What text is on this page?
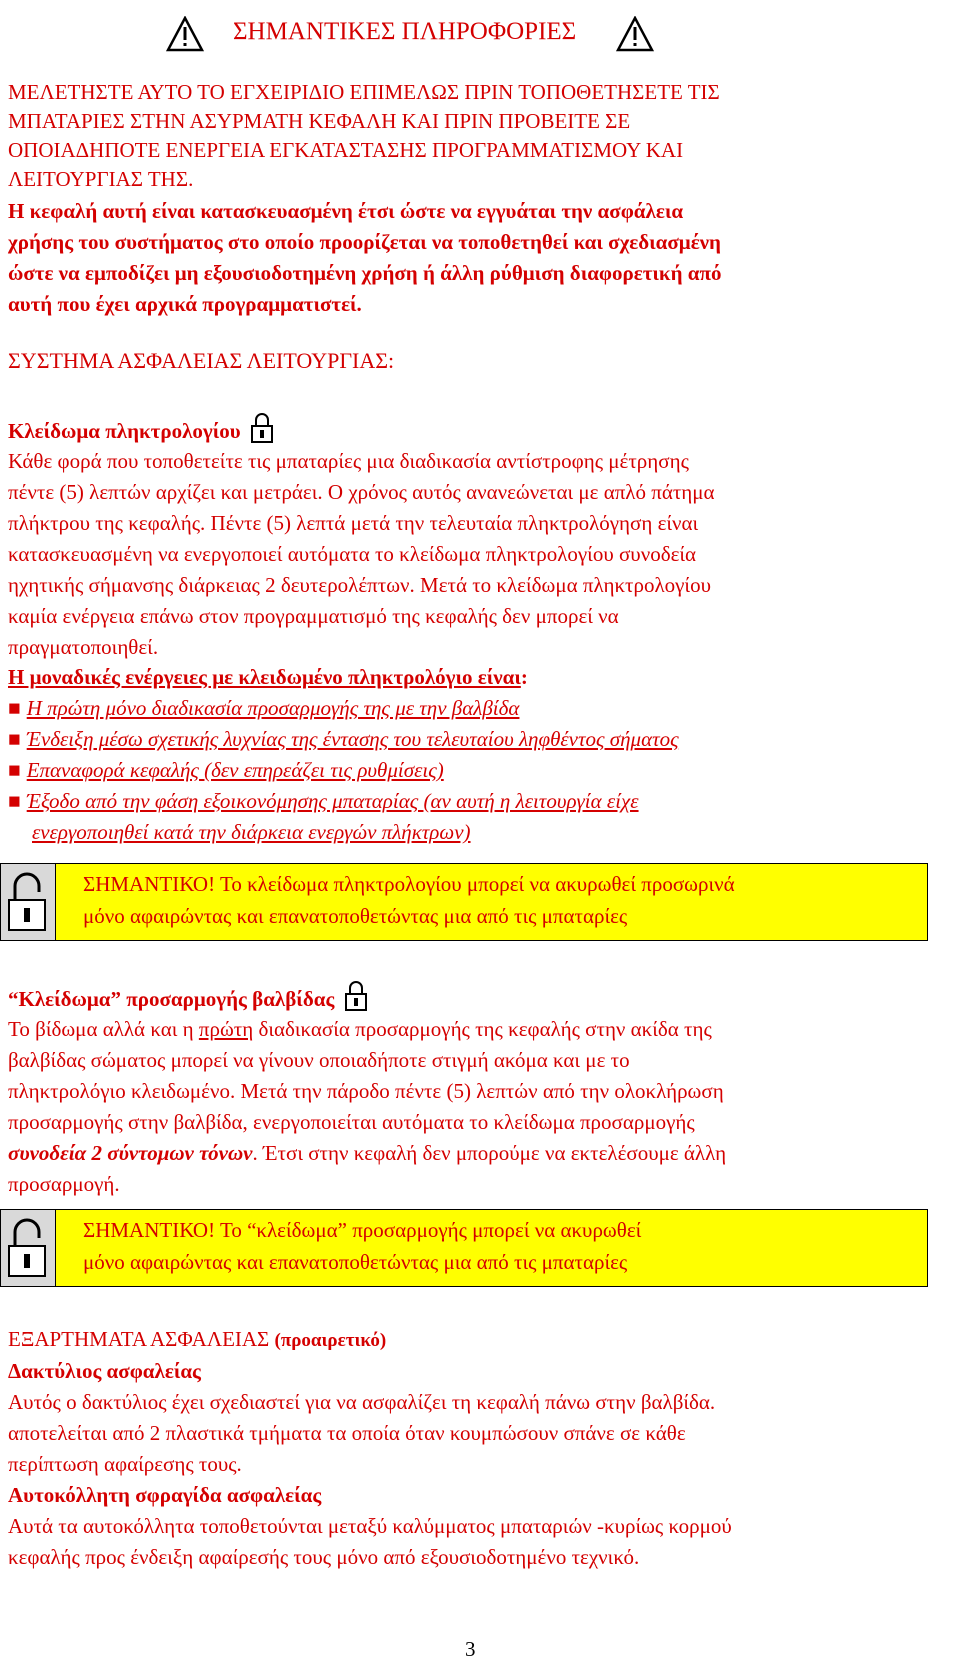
ΣΗΜΑΝΤΙΚΕΣ ΠΛΗΡΟΦΟΡΙΕΣ
ΜΕΛΕΤΗΣΤΕ ΑΥΤΟ ΤΟ ΕΓΧΕΙΡΙΔΙΟ ΕΠΙΜΕΛΩΣ ΠΡΙΝ ΤΟΠΟΘΕΤΗΣΕΤΕ ΤΙΣ
ΜΠΑΤΑΡΙΕΣ ΣΤΗΝ ΑΣΥΡΜΑΤΗ ΚΕΦΑΛΗ ΚΑΙ ΠΡΙΝ ΠΡΟΒΕΙΤΕ ΣΕ
ΟΠΟΙΑΔΗΠΟΤΕ ΕΝΕΡΓΕΙΑ ΕΓΚΑΤΑΣΤΑΣΗΣ ΠΡΟΓΡΑΜΜΑΤΙΣΜΟΥ ΚΑΙ
ΛΕΙΤΟΥΡΓΙΑΣ ΤΗΣ.
Η κεφαλή αυτή είναι κατασκευασμένη έτσι ώστε να εγγυάται την ασφάλεια
χρήσης του συστήματος στο οποίο προορίζεται να τοποθετηθεί και σχεδιασμένη
ώστε να εμποδίζει μη εξουσιοδοτημένη χρήση ή άλλη ρύθμιση διαφορετική από
αυτή που έχει αρχικά προγραμματιστεί.
ΣΥΣΤΗΜΑ ΑΣΦΑΛΕΙΑΣ ΛΕΙΤΟΥΡΓΙΑΣ:
Κλείδωμα πληκτρολογίου
Κάθε φορά που τοποθετείτε τις μπαταρίες μια διαδικασία αντίστροφης μέτρησης
πέντε (5) λεπτών αρχίζει και μετράει. Ο χρόνος αυτός ανανεώνεται με απλό πάτημα
πλήκτρου της κεφαλής. Πέντε (5) λεπτά μετά την τελευταία πληκτρολόγηση είναι
κατασκευασμένη να ενεργοποιεί αυτόματα το κλείδωμα πληκτρολογίου συνοδεία
ηχητικής σήμανσης διάρκειας 2 δευτερολέπτων. Μετά το κλείδωμα πληκτρολογίου
καμία ενέργεια επάνω στον προγραμματισμό της κεφαλής δεν μπορεί να
πραγματοποιηθεί.
Η μοναδικές ενέργειες με κλειδωμένο πληκτρολόγιο είναι:
■ Η πρώτη μόνο διαδικασία προσαρμογής της με την βαλβίδα
■ Ένδειξη μέσω σχετικής λυχνίας της έντασης του τελευταίου ληφθέντος σήματος
■ Επαναφορά κεφαλής (δεν επηρεάζει τις ρυθμίσεις)
■ Έξοδο από την φάση εξοικονόμησης μπαταρίας (αν αυτή η λειτουργία είχε
ενεργοποιηθεί κατά την διάρκεια ενεργών πλήκτρων)
ΣΗΜΑΝΤΙΚΟ! Το κλείδωμα πληκτρολογίου μπορεί να ακυρωθεί προσωρινά
μόνο αφαιρώντας και επανατοποθετώντας μια από τις μπαταρίες
“Κλείδωμα” προσαρμογής βαλβίδας
Το βίδωμα αλλά και η πρώτη διαδικασία προσαρμογής της κεφαλής στην ακίδα της
βαλβίδας σώματος μπορεί να γίνουν οποιαδήποτε στιγμή ακόμα και με το
πληκτρολόγιο κλειδωμένο. Μετά την πάροδο πέντε (5) λεπτών από την ολοκλήρωση
προσαρμογής στην βαλβίδα, ενεργοποιείται αυτόματα το κλείδωμα προσαρμογής
συνοδεία 2 σύντομων τόνων. Έτσι στην κεφαλή δεν μπορούμε να εκτελέσουμε άλλη
προσαρμογή.
ΣΗΜΑΝΤΙΚΟ! Το “κλείδωμα” προσαρμογής μπορεί να ακυρωθεί
μόνο αφαιρώντας και επανατοποθετώντας μια από τις μπαταρίες
ΕΞΑΡΤΗΜΑΤΑ ΑΣΦΑΛΕΙΑΣ (προαιρετικό)
Δακτύλιος ασφαλείας
Αυτός ο δακτύλιος έχει σχεδιαστεί για να ασφαλίζει τη κεφαλή πάνω στην βαλβίδα.
αποτελείται από 2 πλαστικά τμήματα τα οποία όταν κουμπώσουν σπάνε σε κάθε
περίπτωση αφαίρεσης τους.
Αυτοκόλλητη σφραγίδα ασφαλείας
Αυτά τα αυτοκόλλητα τοποθετούνται μεταξύ καλύμματος μπαταριών -κυρίως κορμού
κεφαλής προς ένδειξη αφαίρεσής τους μόνο από εξουσιοδοτημένο τεχνικό.
3
